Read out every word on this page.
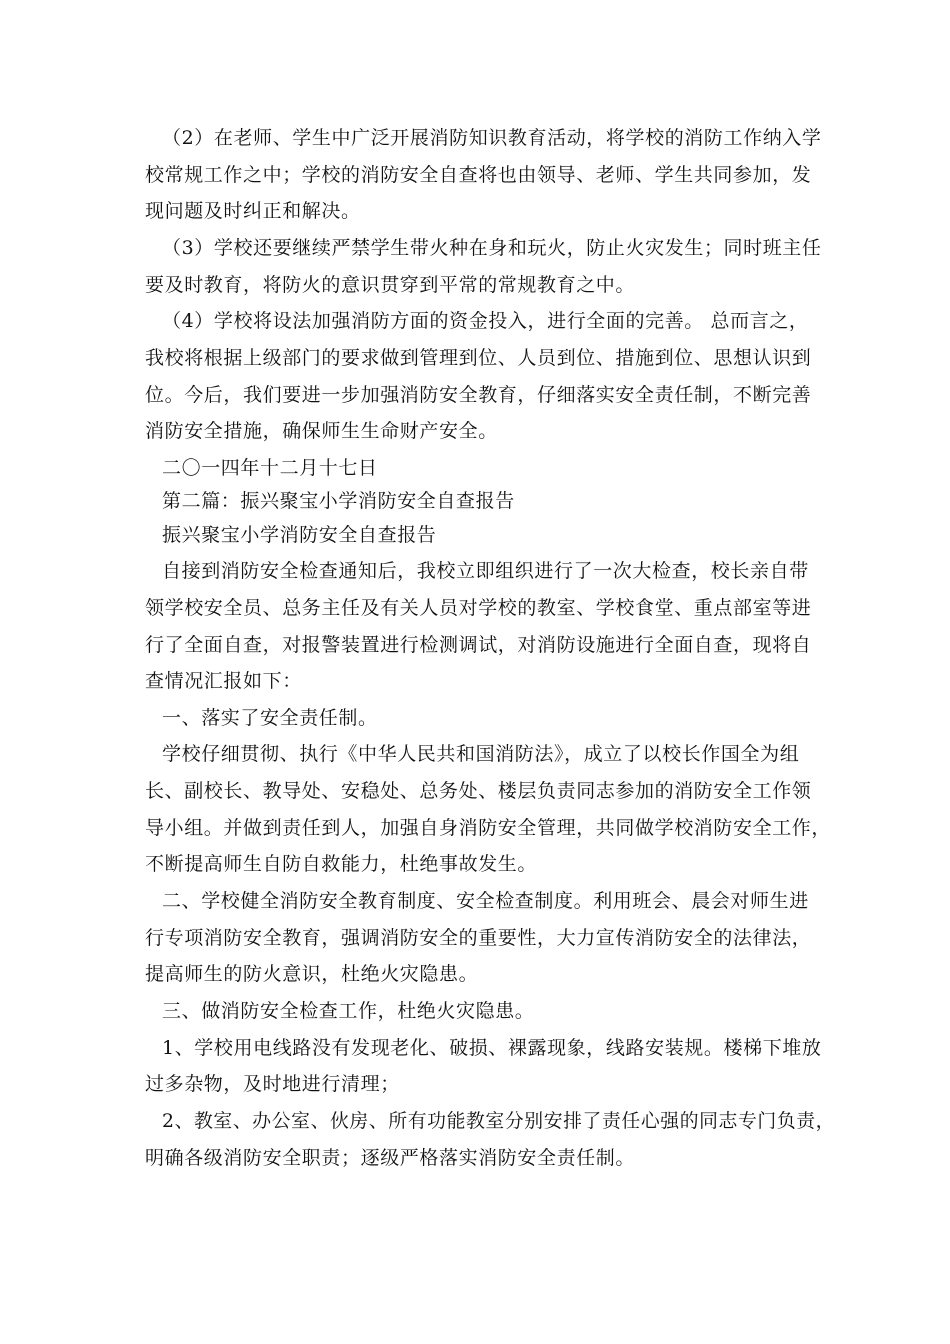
（2）在老师、学生中广泛开展消防知识教育活动，将学校的消防工作纳入学
校常规工作之中；学校的消防安全自查将也由领导、老师、学生共同参加，发
现问题及时纠正和解决。
（3）学校还要继续严禁学生带火种在身和玩火，防止火灾发生；同时班主任
要及时教育，将防火的意识贯穿到平常的常规教育之中。
（4）学校将设法加强消防方面的资金投入，进行全面的完善。 总而言之，
我校将根据上级部门的要求做到管理到位、人员到位、措施到位、思想认识到
位。今后，我们要进一步加强消防安全教育，仔细落实安全责任制，不断完善
消防安全措施，确保师生生命财产安全。
二〇一四年十二月十七日
第二篇：振兴聚宝小学消防安全自查报告
振兴聚宝小学消防安全自查报告
自接到消防安全检查通知后，我校立即组织进行了一次大检查，校长亲自带
领学校安全员、总务主任及有关人员对学校的教室、学校食堂、重点部室等进
行了全面自查，对报警装置进行检测调试，对消防设施进行全面自查，现将自
查情况汇报如下：
一、落实了安全责任制。
学校仔细贯彻、执行《中华人民共和国消防法》，成立了以校长作国全为组
长、副校长、教导处、安稳处、总务处、楼层负责同志参加的消防安全工作领
导小组。并做到责任到人，加强自身消防安全管理，共同做学校消防安全工作，
不断提高师生自防自救能力，杜绝事故发生。
二、学校健全消防安全教育制度、安全检查制度。利用班会、晨会对师生进
行专项消防安全教育，强调消防安全的重要性，大力宣传消防安全的法律法，
提高师生的防火意识，杜绝火灾隐患。
三、做消防安全检查工作，杜绝火灾隐患。
1、学校用电线路没有发现老化、破损、裸露现象，线路安装规。楼梯下堆放
过多杂物，及时地进行清理；
2、教室、办公室、伙房、所有功能教室分别安排了责任心强的同志专门负责，
明确各级消防安全职责；逐级严格落实消防安全责任制。
